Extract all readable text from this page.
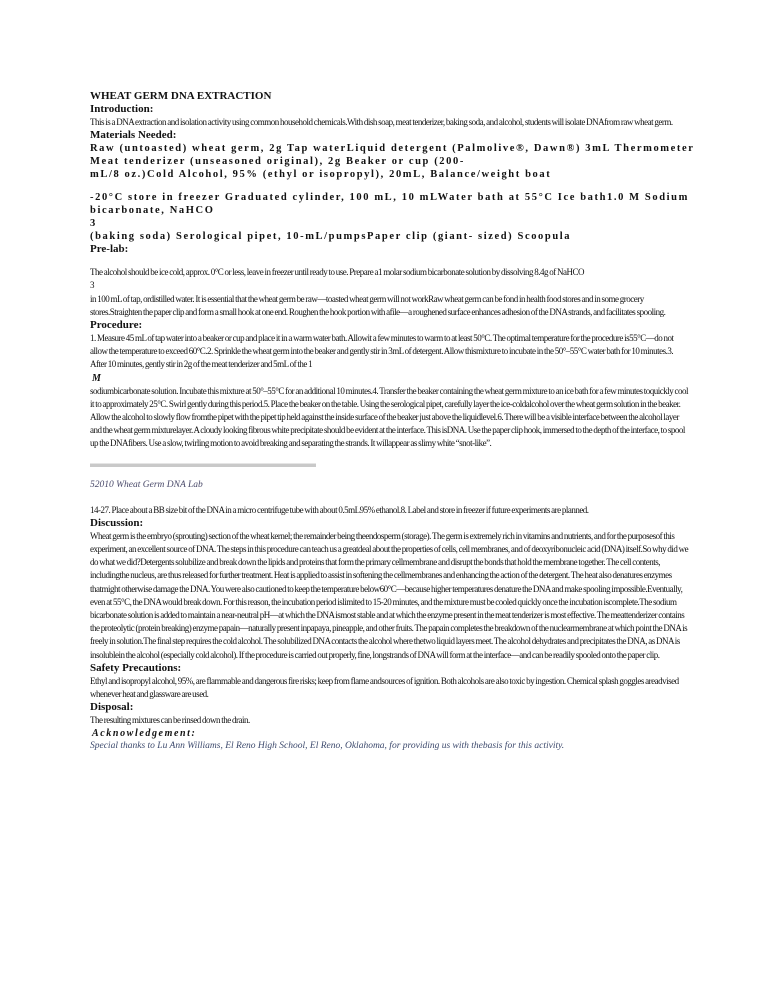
WHEAT GERM DNA EXTRACTION

Introduction:

This is a DNA extraction and isolation activity using common household chemicals.With dish soap, meat tenderizer, baking soda, and alcohol, students will isolate DNAfrom raw wheat germ.

Materials Needed:

Raw (untoasted) wheat germ, 2g Tap waterLiquid detergent (Palmolive®, Dawn®) 3mL Thermometer

Meat tenderizer (unseasoned original), 2g Beaker or cup (200-

mL/8 oz.)Cold Alcohol, 95% (ethyl or isopropyl), 20mL, Balance/weight boat

-20°C store in freezer Graduated cylinder, 100 mL, 10 mLWater bath at 55°C Ice bath1.0 M Sodium

bicarbonate, NaHCO

3

(baking soda) Serological pipet, 10-mL/pumpsPaper clip (giant- sized) Scoopula

Pre-lab:

The alcohol should be ice cold, approx. 0°C or less, leave in freezer until ready to use. Prepare a1 molar sodium bicarbonate solution by dissolving 8.4g of NaHCO

3

in 100 mL of tap, ordistilled water. It is essential that the wheat germ be raw—toasted wheat germ will not workRaw wheat germ can be fond in health food stores and in some grocery stores.Straighten the paper clip and form a small hook at one end. Roughen the hook portion with afile—a roughened surface enhances adhesion of the DNA strands, and facilitates spooling.

Procedure:

1. Measure 45 mL of tap water into a beaker or cup and place it in a warm water bath. Allowit a few minutes to warm to at least 50°C. The optimal temperature for the procedure is55°C—do not allow the temperature to exceed 60°C.2. Sprinkle the wheat germ into the beaker and gently stir in 3mL of detergent. Allow thismixture to incubate in the 50°–55°C water bath for 10 minutes.3. After 10 minutes, gently stir in 2g of the meat tenderizer and 5mL of the 1

M

sodiumbicarbonate solution. Incubate this mixture at 50°–55°C for an additional 10 minutes.4. Transfer the beaker containing the wheat germ mixture to an ice bath for a few minutes toquickly cool it to approximately 25°C. Swirl gently during this period.5. Place the beaker on the table. Using the serological pipet, carefully layer the ice-coldalcohol over the wheat germ solution in the beaker. Allow the alcohol to slowly flow fromthe pipet with the pipet tip held against the inside surface of the beaker just above the liquidlevel.6. There will be a visible interface between the alcohol layer and the wheat germ mixturelayer. A cloudy looking fibrous white precipitate should be evident at the interface. This isDNA. Use the paper clip hook, immersed to the depth of the interface, to spool up the DNAfibers. Use a slow, twirling motion to avoid breaking and separating the strands. It willappear as slimy white “snot-like”.

52010 Wheat Germ DNA Lab

14-27. Place about a BB size bit of the DNA in a micro centrifuge tube with about 0.5mL95% ethanol.8. Label and store in freezer if future experiments are planned.

Discussion:

Wheat germ is the embryo (sprouting) section of the wheat kernel; the remainder being theendosperm (storage). The germ is extremely rich in vitamins and nutrients, and for the purposesof this experiment, an excellent source of DNA. The steps in this procedure can teach us a greatdeal about the properties of cells, cell membranes, and of deoxyribonucleic acid (DNA) itself.So why did we do what we did?Detergents solubilize and break down the lipids and proteins that form the primary cellmembrane and disrupt the bonds that hold the membrane together. The cell contents, includingthe nucleus, are thus released for further treatment. Heat is applied to assist in softening the cellmembranes and enhancing the action of the detergent. The heat also denatures enzymes thatmight otherwise damage the DNA. You were also cautioned to keep the temperature below60°C—because higher temperatures denature the DNA and make spooling impossible.Eventually, even at 55°C, the DNA would break down. For this reason, the incubation period islimited to 15-20 minutes, and the mixture must be cooled quickly once the incubation iscomplete.The sodium bicarbonate solution is added to maintain a near-neutral pH—at which the DNA ismost stable and at which the enzyme present in the meat tenderizer is most effective. The meattenderizer contains the proteolytic (protein breaking) enzyme papain—naturally present inpapaya, pineapple, and other fruits. The papain completes the breakdown of the nuclearmembrane at which point the DNA is freely in solution.The final step requires the cold alcohol. The solubilized DNA contacts the alcohol where thetwo liquid layers meet. The alcohol dehydrates and precipitates the DNA, as DNA is insolublein the alcohol (especially cold alcohol). If the procedure is carried out properly, fine, longstrands of DNA will form at the interface—and can be readily spooled onto the paper clip.

Safety Precautions:

Ethyl and isopropyl alcohol, 95%, are flammable and dangerous fire risks; keep from flame andsources of ignition. Both alcohols are also toxic by ingestion. Chemical splash goggles areadvised whenever heat and glassware are used.

Disposal:

The resulting mixtures can be rinsed down the drain.

Acknowledgement:

Special thanks to Lu Ann Williams, El Reno High School, El Reno, Oklahoma, for providing us with thebasis for this activity.
